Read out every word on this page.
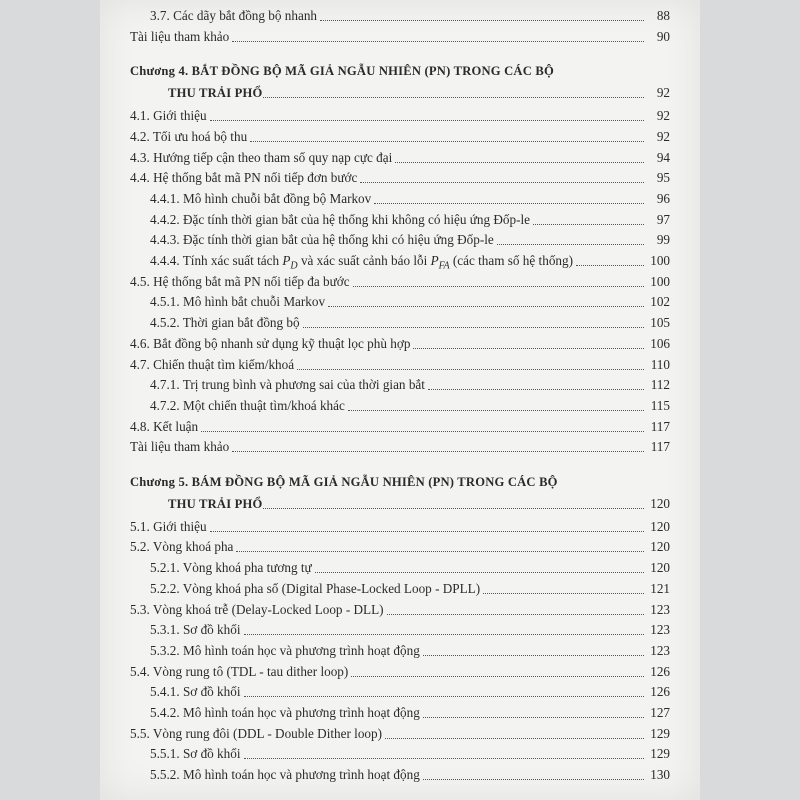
3.7. Các dãy bắt đồng bộ nhanh	88
Tài liệu tham khảo	90
Chương 4. BẮT ĐỒNG BỘ MÃ GIẢ NGẪU NHIÊN (PN) TRONG CÁC BỘ
THU TRẢI PHỔ	92
4.1. Giới thiệu	92
4.2. Tối ưu hoá bộ thu	92
4.3. Hướng tiếp cận theo tham số quy nạp cực đại	94
4.4. Hệ thống bắt mã PN nối tiếp đơn bước	95
4.4.1. Mô hình chuỗi bắt đồng bộ Markov	96
4.4.2. Đặc tính thời gian bắt của hệ thống khi không có hiệu ứng Đốp-le	97
4.4.3. Đặc tính thời gian bắt của hệ thống khi có hiệu ứng Đốp-le	99
4.4.4. Tính xác suất tách $P_D$ và xác suất cảnh báo lỗi $P_{FA}$ (các tham số hệ thống)	100
4.5. Hệ thống bắt mã PN nối tiếp đa bước	100
4.5.1. Mô hình bắt chuỗi Markov	102
4.5.2. Thời gian bắt đồng bộ	105
4.6. Bắt đồng bộ nhanh sử dụng kỹ thuật lọc phù hợp	106
4.7. Chiến thuật tìm kiếm/khoá	110
4.7.1. Trị trung bình và phương sai của thời gian bắt	112
4.7.2. Một chiến thuật tìm/khoá khác	115
4.8. Kết luận	117
Tài liệu tham khảo	117
Chương 5. BÁM ĐỒNG BỘ MÃ GIẢ NGẪU NHIÊN (PN) TRONG CÁC BỘ
THU TRẢI PHỔ	120
5.1. Giới thiệu	120
5.2. Vòng khoá pha	120
5.2.1. Vòng khoá pha tương tự	120
5.2.2. Vòng khoá pha số (Digital Phase-Locked Loop - DPLL)	121
5.3. Vòng khoá trễ (Delay-Locked Loop - DLL)	123
5.3.1. Sơ đồ khối	123
5.3.2. Mô hình toán học và phương trình hoạt động	123
5.4. Vòng rung tô (TDL - tau dither loop)	126
5.4.1. Sơ đồ khối	126
5.4.2. Mô hình toán học và phương trình hoạt động	127
5.5. Vòng rung đôi (DDL - Double Dither loop)	129
5.5.1. Sơ đồ khối	129
5.5.2. Mô hình toán học và phương trình hoạt động	130
